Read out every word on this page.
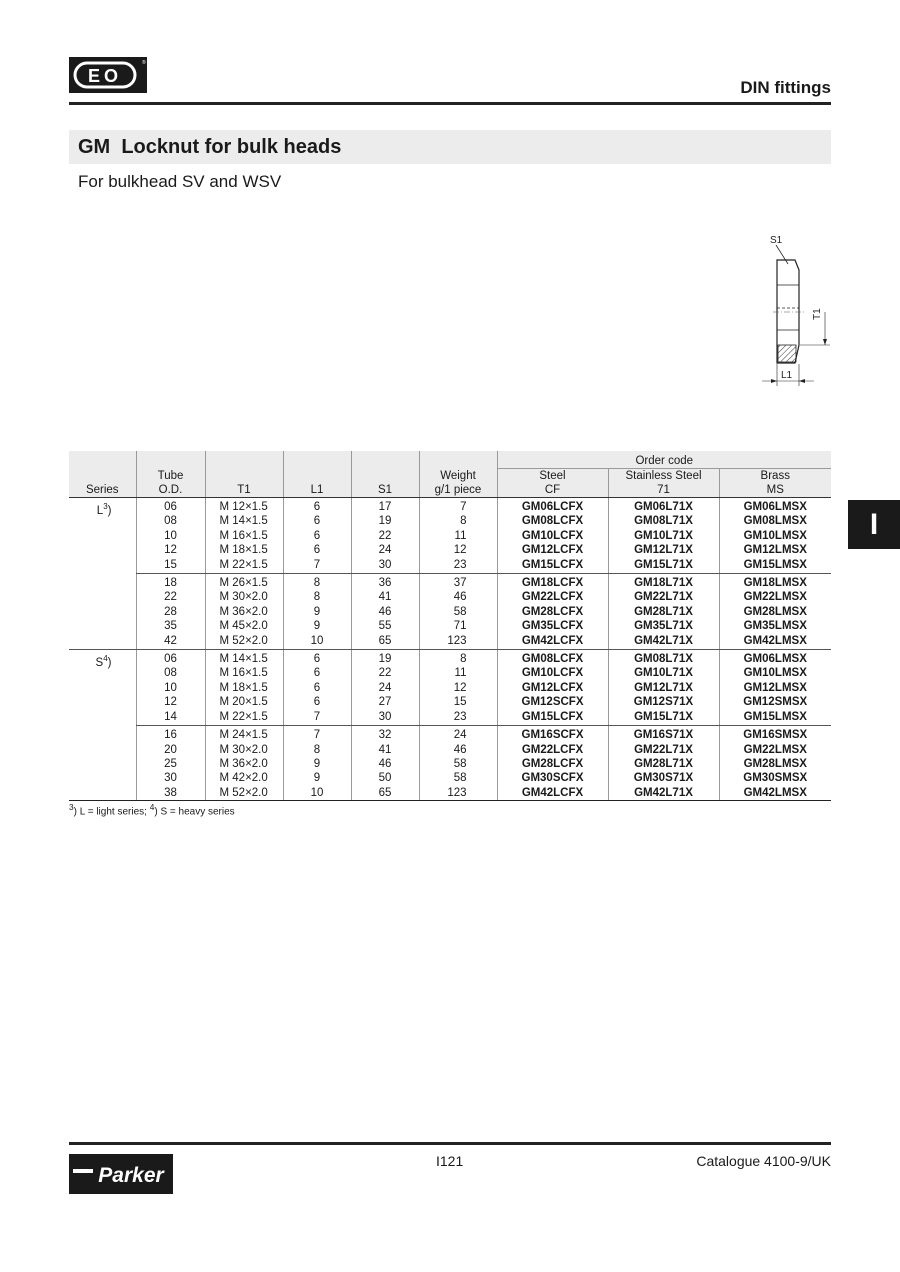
EO
®
DIN fittings
GM  Locknut for bulk heads
For bulkhead SV and WSV
S1
T1
L1
I
						Order code		
	Tube				Weight	Steel	Stainless Steel	Brass
Series	O.D.	T1	L1	S1	g/1 piece	CF	71	MS
$L^3$)	06	M 12×1.5	6	17	7	GM06LCFX	GM06L71X	GM06LMSX
	08	M 14×1.5	6	19	8	GM08LCFX	GM08L71X	GM08LMSX
	10	M 16×1.5	6	22	11	GM10LCFX	GM10L71X	GM10LMSX
	12	M 18×1.5	6	24	12	GM12LCFX	GM12L71X	GM12LMSX
	15	M 22×1.5	7	30	23	GM15LCFX	GM15L71X	GM15LMSX
	18	M 26×1.5	8	36	37	GM18LCFX	GM18L71X	GM18LMSX
	22	M 30×2.0	8	41	46	GM22LCFX	GM22L71X	GM22LMSX
	28	M 36×2.0	9	46	58	GM28LCFX	GM28L71X	GM28LMSX
	35	M 45×2.0	9	55	71	GM35LCFX	GM35L71X	GM35LMSX
	42	M 52×2.0	10	65	123	GM42LCFX	GM42L71X	GM42LMSX
$S^4$)	06	M 14×1.5	6	19	8	GM08LCFX	GM08L71X	GM06LMSX
	08	M 16×1.5	6	22	11	GM10LCFX	GM10L71X	GM10LMSX
	10	M 18×1.5	6	24	12	GM12LCFX	GM12L71X	GM12LMSX
	12	M 20×1.5	6	27	15	GM12SCFX	GM12S71X	GM12SMSX
	14	M 22×1.5	7	30	23	GM15LCFX	GM15L71X	GM15LMSX
	16	M 24×1.5	7	32	24	GM16SCFX	GM16S71X	GM16SMSX
	20	M 30×2.0	8	41	46	GM22LCFX	GM22L71X	GM22LMSX
	25	M 36×2.0	9	46	58	GM28LCFX	GM28L71X	GM28LMSX
	30	M 42×2.0	9	50	58	GM30SCFX	GM30S71X	GM30SMSX
	38	M 52×2.0	10	65	123	GM42LCFX	GM42L71X	GM42LMSX
$^3$) L = light series; $^4$) S = heavy series
Parker
I121	Catalogue 4100-9/UK
